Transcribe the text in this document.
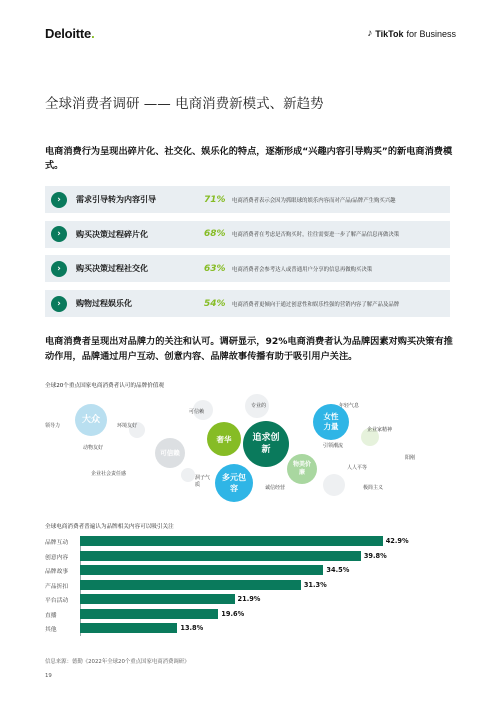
Deloitte.	♪ TikTok for Business
全球消费者调研 —— 电商消费新模式、新趋势
电商消费行为呈现出碎片化、社交化、娱乐化的特点，逐渐形成“兴趣内容引导购买”的新电商消费模式。
›	需求引导转为内容引导	71%	电商消费者表示会因为抓眼球的娱乐内容而对产品/品牌产生购买兴趣
›	购买决策过程碎片化	68%	电商消费者在考虑是否购买时，往往需要进一步了解产品信息再做决策
›	购买决策过程社交化	63%	电商消费者会参考达人或普通用户分享的信息再做购买决策
›	购物过程娱乐化	54%	电商消费者更倾向于通过创意性和娱乐性强的营销内容了解产品及品牌
电商消费者呈现出对品牌力的关注和认可。调研显示，92%电商消费者认为品牌因素对购买决策有推动作用，品牌通过用户互动、创意内容、品牌故事传播有助于吸引用户关注。
全球20个重点国家电商消费者认可的品牌价值观
大众
可信赖
奢华	追求创新
女性力量
多元包容
物美价廉
领导力	环境友好
可信赖
专业的	年轻气息
企业家精神
动物友好	引领潮流
阳刚
人人平等
企业社会责任感
洞子气质	诚信经营	极简主义
全球电商消费者普遍认为品牌相关内容可以吸引关注
品牌互动	42.9%
创意内容	39.8%
品牌故事	34.5%
产品折扣	31.3%
平台活动	21.9%
直播	19.6%
其他	13.8%
信息来源：德勤《2022年全球20个重点国家电商消费调研》
19
